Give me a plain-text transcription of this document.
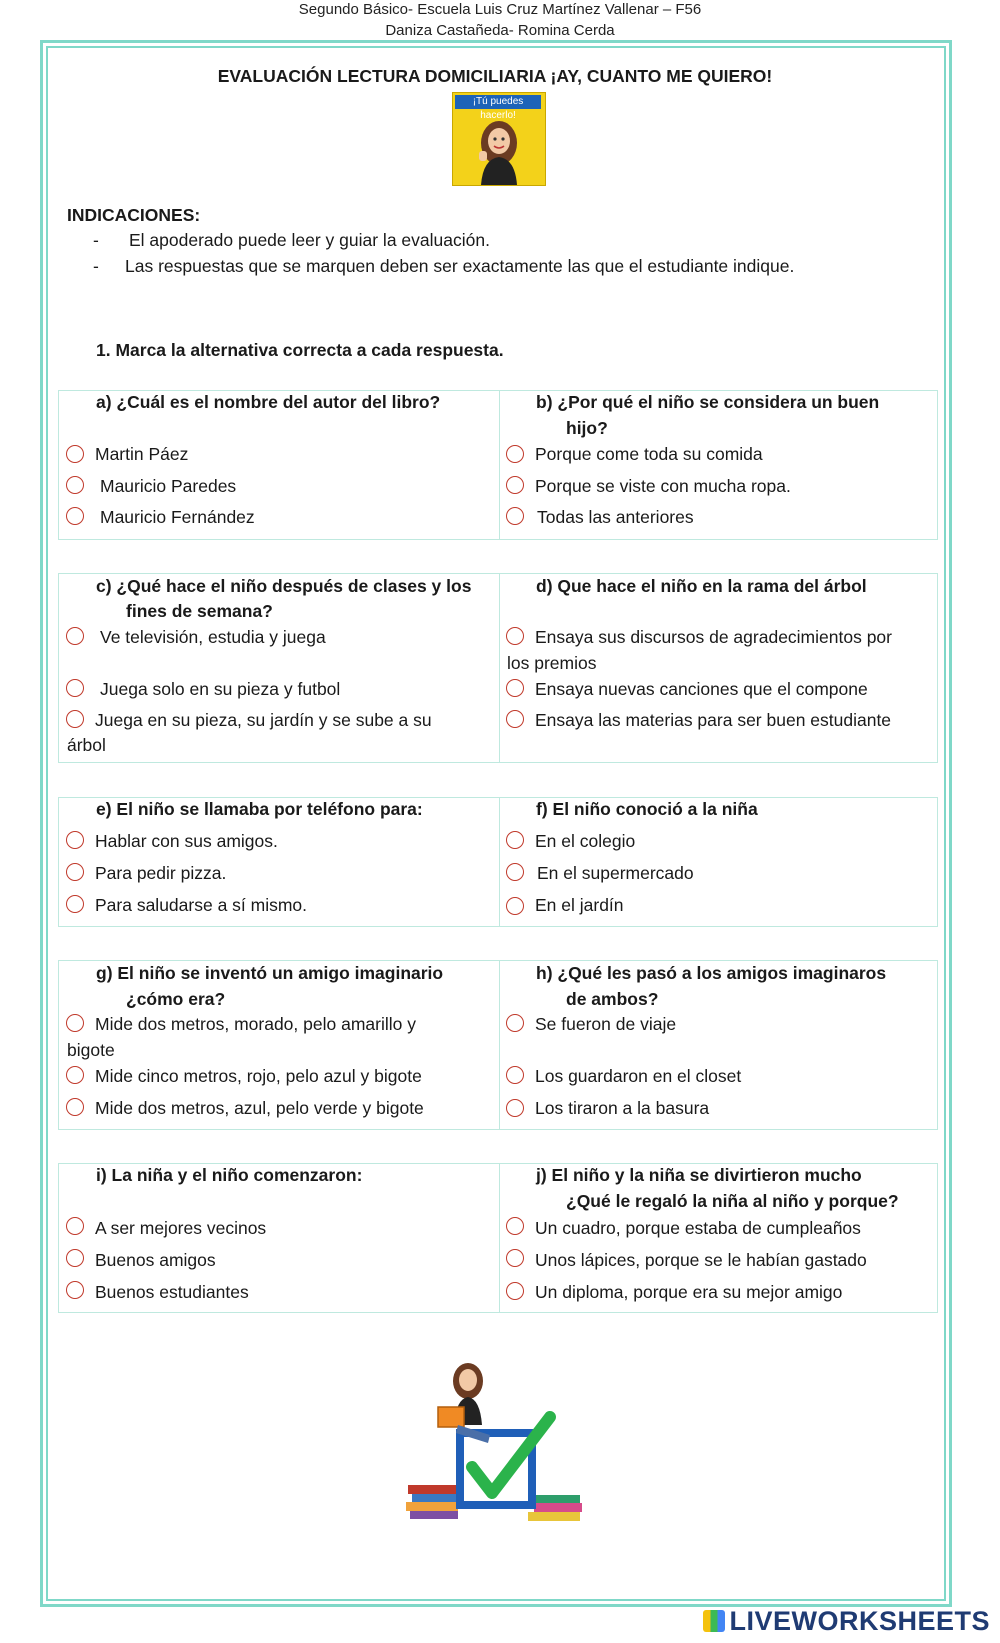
Segundo Básico- Escuela Luis Cruz Martínez Vallenar – F56
Daniza Castañeda- Romina Cerda
EVALUACIÓN LECTURA DOMICILIARIA ¡AY, CUANTO ME QUIERO!
¡Tú puedes hacerlo!
INDICACIONES:
- El apoderado puede leer y guiar la evaluación.
- Las respuestas que se marquen deben ser exactamente las que el estudiante indique.
1. Marca la alternativa correcta a cada respuesta.
a) ¿Cuál es el nombre del autor del libro?
Martin Páez
Mauricio Paredes
Mauricio Fernández
b) ¿Por qué el niño se considera un buen
hijo?
Porque come toda su comida
Porque se viste con mucha ropa.
Todas las anteriores
c) ¿Qué hace el niño después de clases y los
fines de semana?
Ve televisión, estudia y juega
Juega solo en su pieza y futbol
Juega en su pieza, su jardín y se sube a su
árbol
d) Que hace el niño en la rama del árbol
Ensaya sus discursos de agradecimientos por
los premios
Ensaya nuevas canciones que el compone
Ensaya las materias para ser buen estudiante
e) El niño se llamaba por teléfono para:
Hablar con sus amigos.
Para pedir pizza.
Para saludarse a sí mismo.
f) El niño conoció a la niña
En el colegio
En el supermercado
En el jardín
g) El niño se inventó un amigo imaginario
¿cómo era?
Mide dos metros, morado, pelo amarillo y
bigote
Mide cinco metros, rojo, pelo azul y bigote
Mide dos metros, azul, pelo verde y bigote
h) ¿Qué les pasó a los amigos imaginaros
de ambos?
Se fueron de viaje
Los guardaron en el closet
Los tiraron a la basura
i) La niña y el niño comenzaron:
A ser mejores vecinos
Buenos amigos
Buenos estudiantes
j) El niño y la niña se divirtieron mucho
¿Qué le regaló la niña al niño y porque?
Un cuadro, porque estaba de cumpleaños
Unos lápices, porque se le habían gastado
Un diploma, porque era su mejor amigo
LIVEWORKSHEETS
